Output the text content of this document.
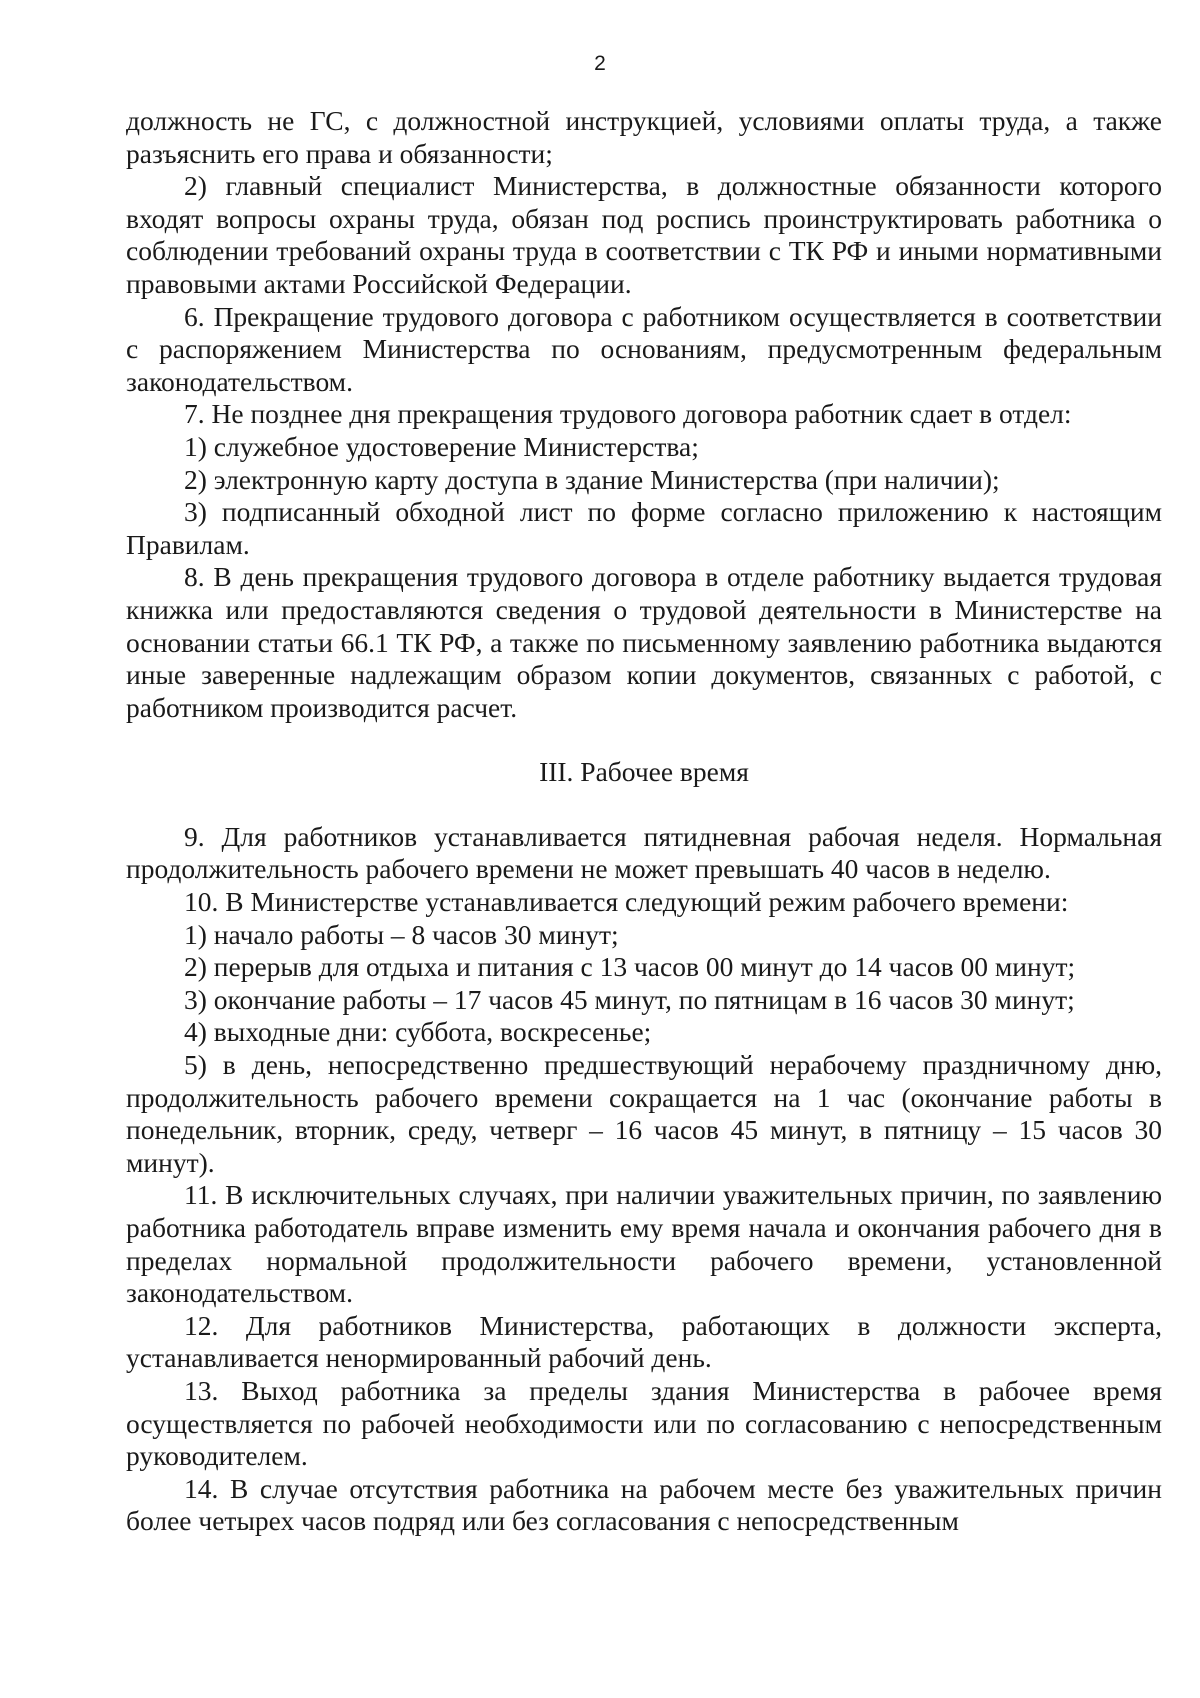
2

должность не ГС, с должностной инструкцией, условиями оплаты труда, а также разъяснить его права и обязанности;

2) главный специалист Министерства, в должностные обязанности которого входят вопросы охраны труда, обязан под роспись проинструктировать работника о соблюдении требований охраны труда в соответствии с ТК РФ и иными нормативными правовыми актами Российской Федерации.

6. Прекращение трудового договора с работником осуществляется в соответствии с распоряжением Министерства по основаниям, предусмотренным федеральным законодательством.

7. Не позднее дня прекращения трудового договора работник сдает в отдел:

1) служебное удостоверение Министерства;

2) электронную карту доступа в здание Министерства (при наличии);

3) подписанный обходной лист по форме согласно приложению к настоящим Правилам.

8. В день прекращения трудового договора в отделе работнику выдается трудовая книжка или предоставляются сведения о трудовой деятельности в Министерстве на основании статьи 66.1 ТК РФ, а также по письменному заявлению работника выдаются иные заверенные надлежащим образом копии документов, связанных с работой, с работником производится расчет.

III. Рабочее время

9. Для работников устанавливается пятидневная рабочая неделя. Нормальная продолжительность рабочего времени не может превышать 40 часов в неделю.

10. В Министерстве устанавливается следующий режим рабочего времени:

1) начало работы – 8 часов 30 минут;

2) перерыв для отдыха и питания с 13 часов 00 минут до 14 часов 00 минут;

3) окончание работы – 17 часов 45 минут, по пятницам в 16 часов 30 минут;

4) выходные дни: суббота, воскресенье;

5) в день, непосредственно предшествующий нерабочему праздничному дню, продолжительность рабочего времени сокращается на 1 час (окончание работы в понедельник, вторник, среду, четверг – 16 часов 45 минут, в пятницу – 15 часов 30 минут).

11. В исключительных случаях, при наличии уважительных причин, по заявлению работника работодатель вправе изменить ему время начала и окончания рабочего дня в пределах нормальной продолжительности рабочего времени, установленной законодательством.

12. Для работников Министерства, работающих в должности эксперта, устанавливается ненормированный рабочий день.

13. Выход работника за пределы здания Министерства в рабочее время осуществляется по рабочей необходимости или по согласованию с непосредственным руководителем.

14. В случае отсутствия работника на рабочем месте без уважительных причин более четырех часов подряд или без согласования с непосредственным
